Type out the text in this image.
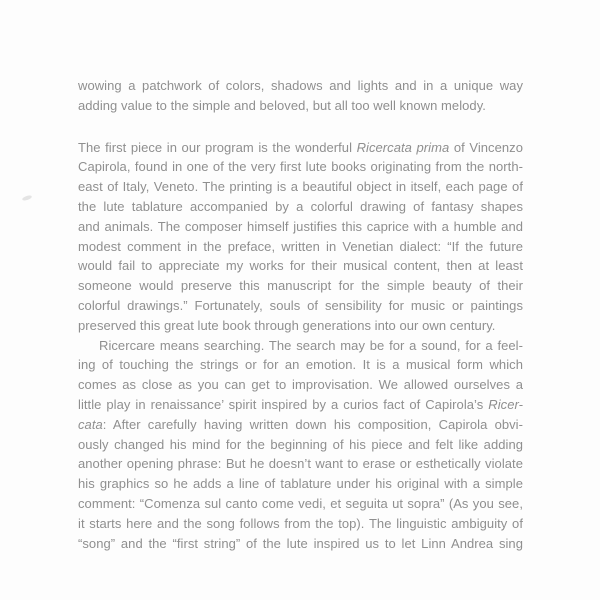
wowing a patchwork of colors, shadows and lights and in a unique way
adding value to the simple and beloved, but all too well known melody.
The first piece in our program is the wonderful Ricercata prima of Vincenzo
Capirola, found in one of the very first lute books originating from the north-
east of Italy, Veneto. The printing is a beautiful object in itself, each page of
the lute tablature accompanied by a colorful drawing of fantasy shapes
and animals. The composer himself justifies this caprice with a humble and
modest comment in the preface, written in Venetian dialect: “If the future
would fail to appreciate my works for their musical content, then at least
someone would preserve this manuscript for the simple beauty of their
colorful drawings.” Fortunately, souls of sensibility for music or paintings
preserved this great lute book through generations into our own century.
Ricercare means searching. The search may be for a sound, for a feel-
ing of touching the strings or for an emotion. It is a musical form which
comes as close as you can get to improvisation. We allowed ourselves a
little play in renaissance’ spirit inspired by a curios fact of Capirola’s Ricer-
cata: After carefully having written down his composition, Capirola obvi-
ously changed his mind for the beginning of his piece and felt like adding
another opening phrase: But he doesn’t want to erase or esthetically violate
his graphics so he adds a line of tablature under his original with a simple
comment: “Comenza sul canto come vedi, et seguita ut sopra” (As you see,
it starts here and the song follows from the top). The linguistic ambiguity of
“song” and the “first string” of the lute inspired us to let Linn Andrea sing
